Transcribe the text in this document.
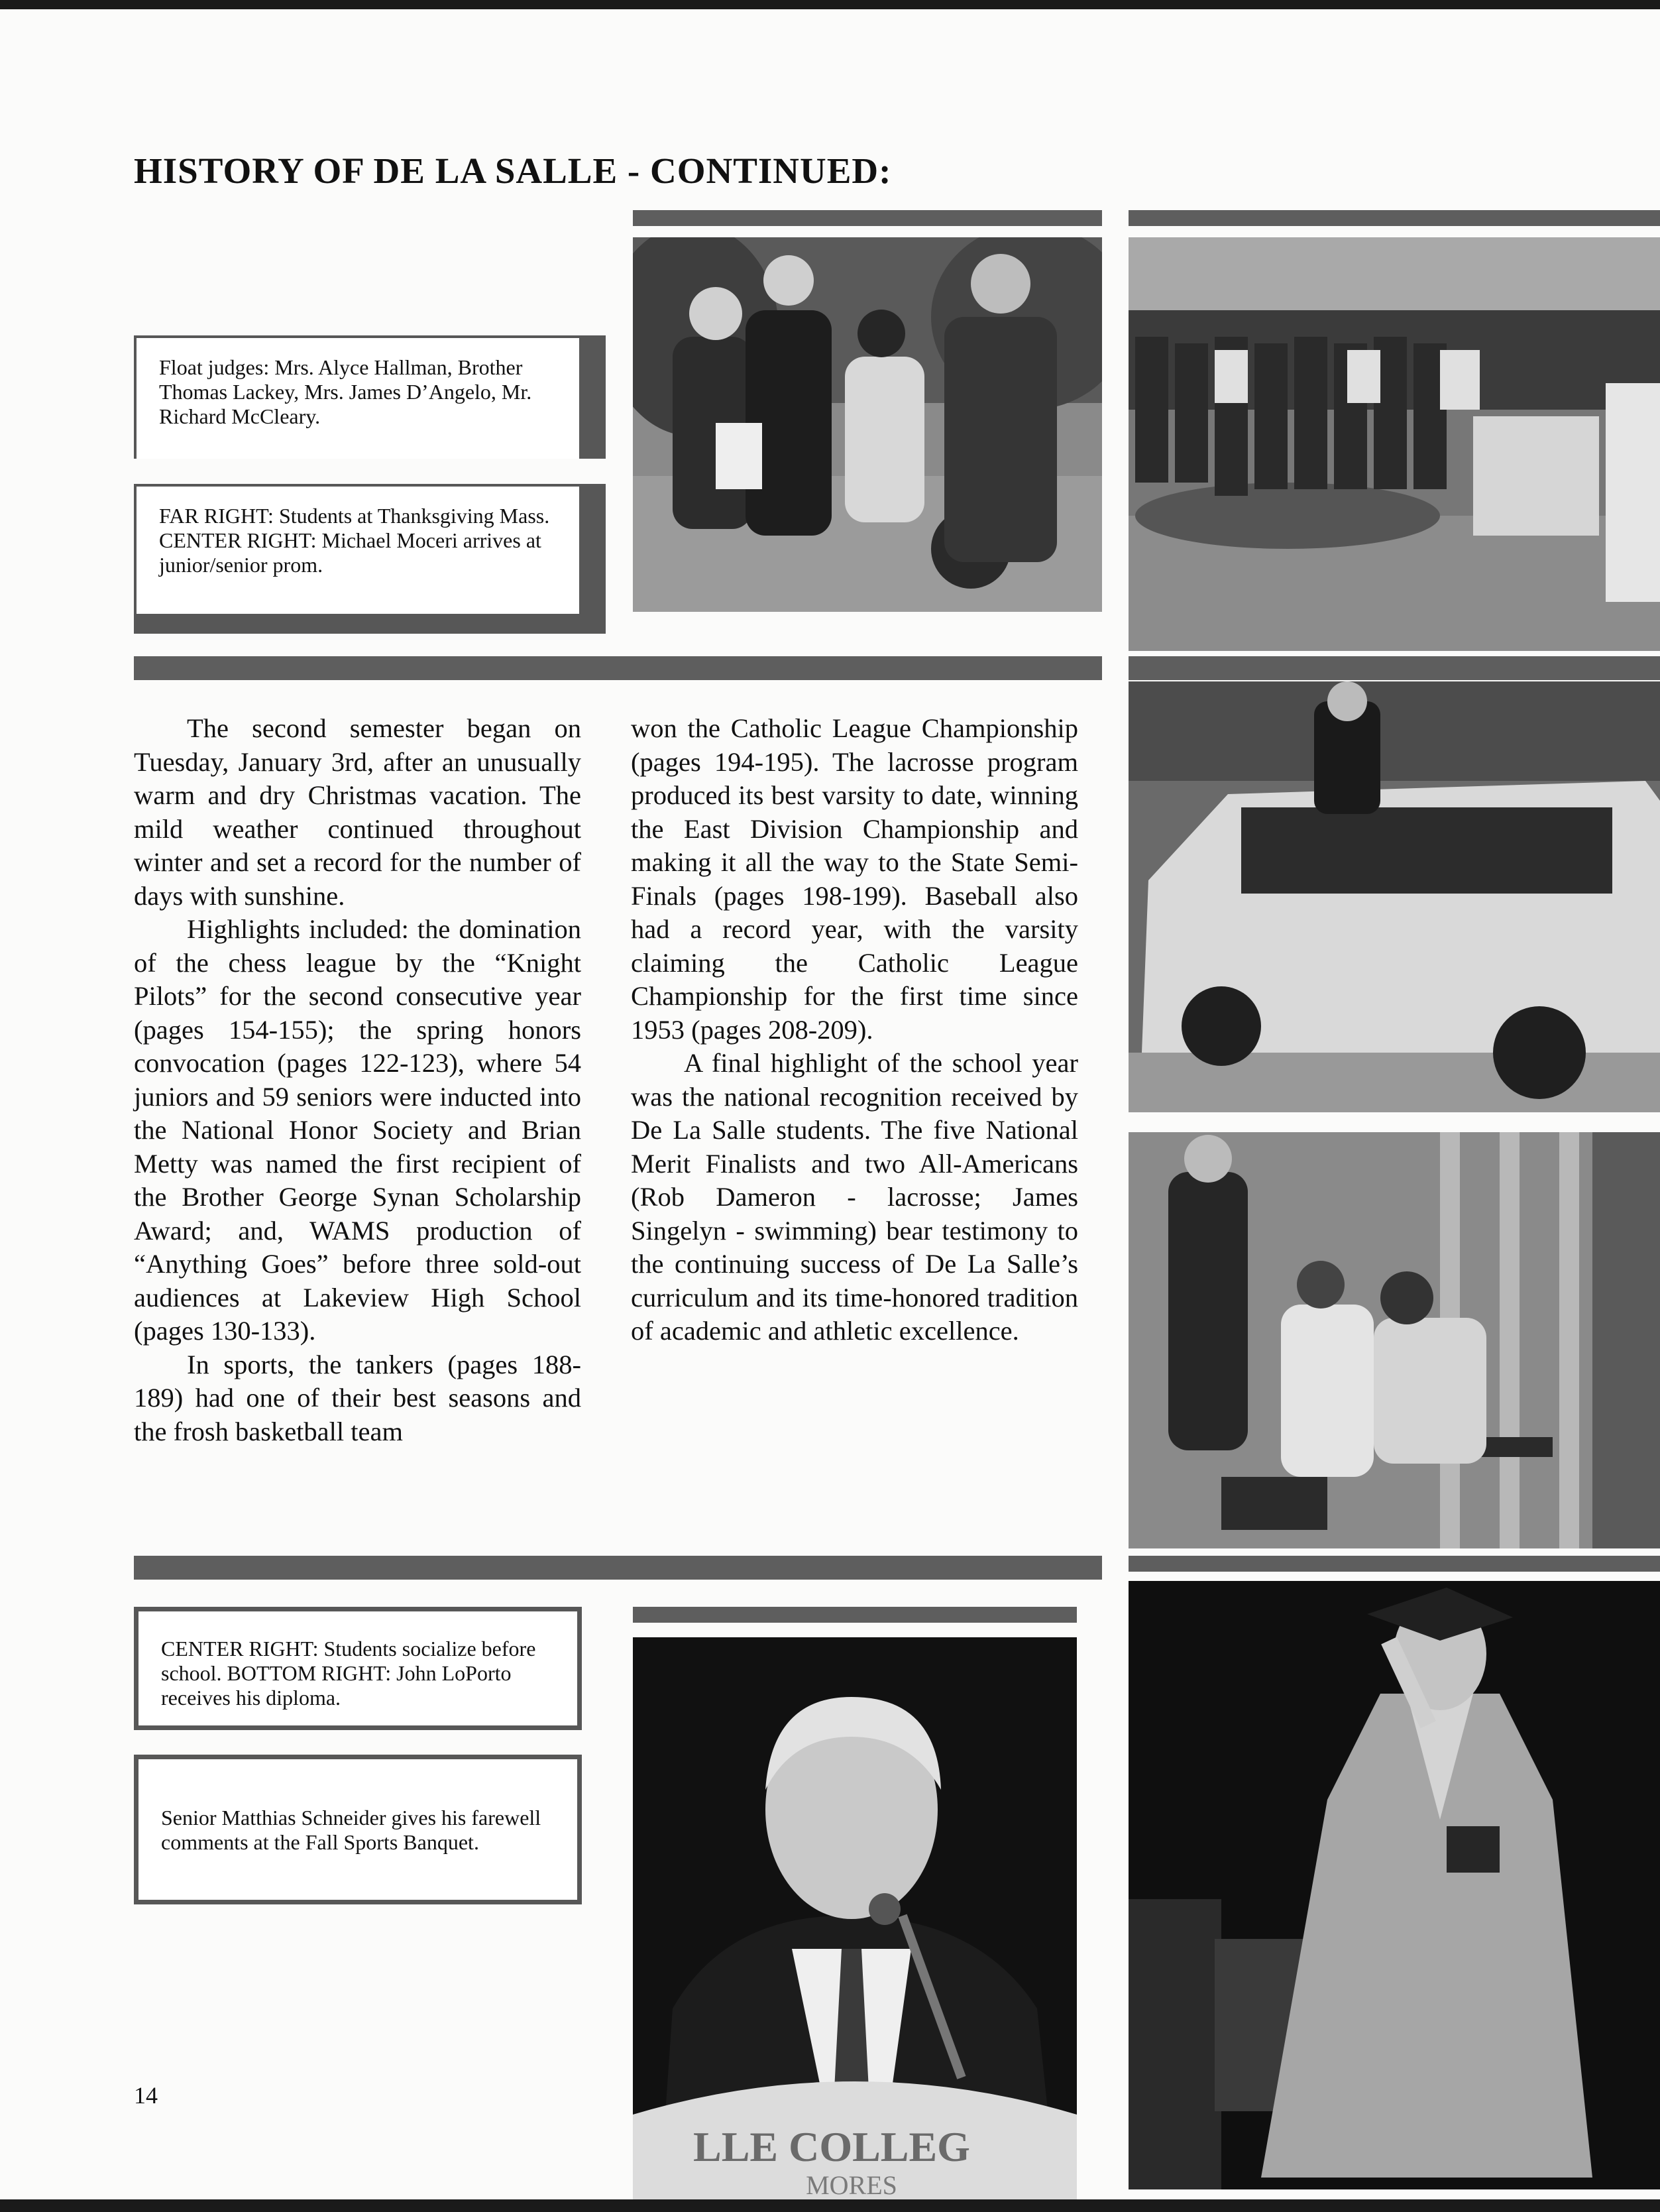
HISTORY OF DE LA SALLE - CONTINUED:
Float judges: Mrs. Alyce Hallman, Brother Thomas Lackey, Mrs. James D’Angelo, Mr. Richard McCleary.
FAR RIGHT: Students at Thanksgiving Mass. CENTER RIGHT: Michael Moceri arrives at junior/senior prom.

The second semester began on Tuesday, January 3rd, after an unusually warm and dry Christmas vacation. The mild weather continued throughout winter and set a record for the number of days with sunshine.

Highlights included: the domination of the chess league by the “Knight Pilots” for the second consecutive year (pages 154-155); the spring honors convocation (pages 122-123), where 54 juniors and 59 seniors were inducted into the National Honor Society and Brian Metty was named the first recipient of the Brother George Synan Scholarship Award; and, WAMS production of “Anything Goes” before three sold-out audiences at Lakeview High School (pages 130-133).

In sports, the tankers (pages 188-189) had one of their best seasons and the frosh basketball team

won the Catholic League Championship (pages 194-195). The lacrosse program produced its best varsity to date, winning the East Division Championship and making it all the way to the State Semi-Finals (pages 198-199). Baseball also had a record year, with the varsity claiming the Catholic League Championship for the first time since 1953 (pages 208-209).

A final highlight of the school year was the national recognition received by De La Salle students. The five National Merit Finalists and two All-Americans (Rob Dameron - lacrosse; James Singelyn - swimming) bear testimony to the continuing success of De La Salle’s curriculum and its time-honored tradition of academic and athletic excellence.

CENTER RIGHT: Students socialize before school. BOTTOM RIGHT: John LoPorto receives his diploma.
Senior Matthias Schneider gives his farewell comments at the Fall Sports Banquet.
LLE COLLEG
MORES
14
